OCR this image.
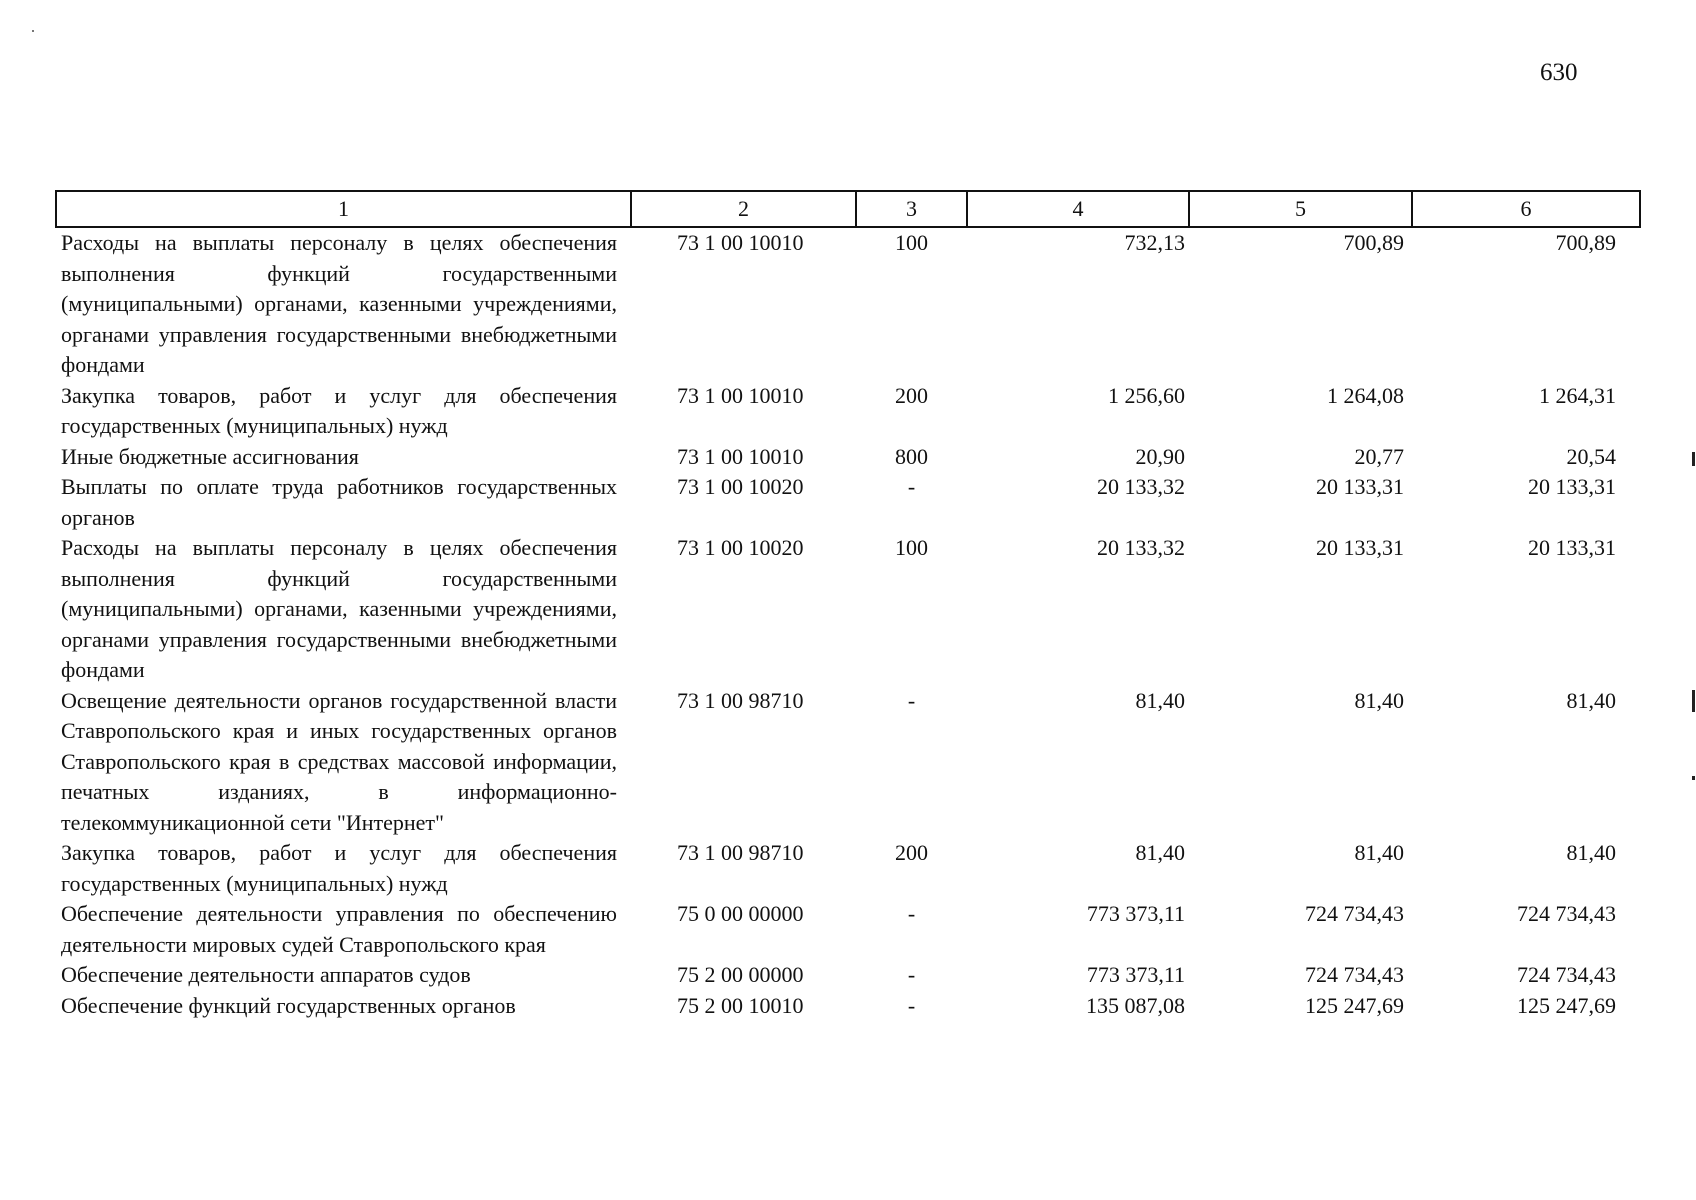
630
1	2	3	4	5	6
Расходы на выплаты персоналу в целях обеспечения выполнения функций государственными (муниципальными) органами, казенными учреждениями, органами управления государственными внебюджетными фондами	73 1 00 10010	100	732,13	700,89	700,89
Закупка товаров, работ и услуг для обеспечения государственных (муниципальных) нужд	73 1 00 10010	200	1 256,60	1 264,08	1 264,31
Иные бюджетные ассигнования	73 1 00 10010	800	20,90	20,77	20,54
Выплаты по оплате труда работников государственных органов	73 1 00 10020	-	20 133,32	20 133,31	20 133,31
Расходы на выплаты персоналу в целях обеспечения выполнения функций государственными (муниципальными) органами, казенными учреждениями, органами управления государственными внебюджетными фондами	73 1 00 10020	100	20 133,32	20 133,31	20 133,31
Освещение деятельности органов государственной власти Ставропольского края и иных государственных органов Ставропольского края в средствах массовой информации, печатных изданиях, в информационно-телекоммуникационной сети "Интернет"	73 1 00 98710	-	81,40	81,40	81,40
Закупка товаров, работ и услуг для обеспечения государственных (муниципальных) нужд	73 1 00 98710	200	81,40	81,40	81,40
Обеспечение деятельности управления по обеспечению деятельности мировых судей Ставропольского края	75 0 00 00000	-	773 373,11	724 734,43	724 734,43
Обеспечение деятельности аппаратов судов	75 2 00 00000	-	773 373,11	724 734,43	724 734,43
Обеспечение функций государственных органов	75 2 00 10010	-	135 087,08	125 247,69	125 247,69
